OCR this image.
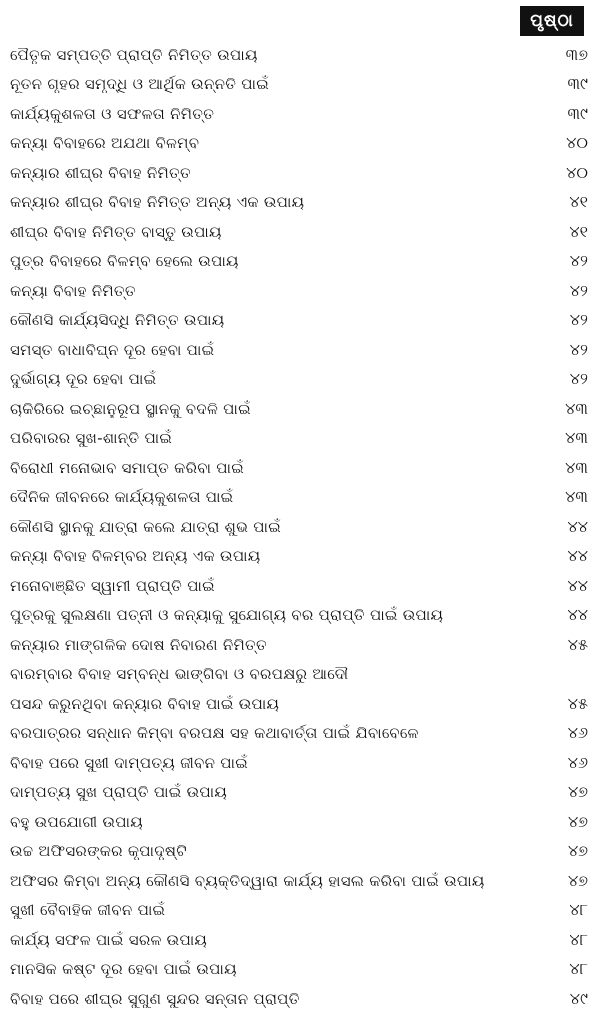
ପୃଷ୍ଠା
ପୈତୃକ ସମ୍ପତ୍ତି ପ୍ରାପ୍ତି ନିମିତ୍ତ ଉପାୟ	୩୭
ନୂତନ ଗୃହର ସମୃଦ୍ଧି ଓ ଆର୍ଥିକ ଉନ୍ନତି ପାଇଁ	୩୯
କାର୍ଯ୍ୟକୁଶଳତା ଓ ସଫଳତା ନିମିତ୍ତ	୩୯
କନ୍ୟା ବିବାହରେ ଅଯଥା ବିଳମ୍ବ	୪୦
କନ୍ୟାର ଶୀଘ୍ର ବିବାହ ନିମିତ୍ତ	୪୦
କନ୍ୟାର ଶୀଘ୍ର ବିବାହ ନିମିତ୍ତ ଅନ୍ୟ ଏକ ଉପାୟ	୪୧
ଶୀଘ୍ର ବିବାହ ନିମିତ୍ତ ବାସ୍ତୁ ଉପାୟ	୪୧
ପୁତ୍ର ବିବାହରେ ବିଳମ୍ବ ହେଲେ ଉପାୟ	୪୨
କନ୍ୟା ବିବାହ ନିମିତ୍ତ	୪୨
କୌଣସି କାର୍ଯ୍ୟସିଦ୍ଧି ନିମିତ୍ତ ଉପାୟ	୪୨
ସମସ୍ତ ବାଧାବିଘ୍ନ ଦୂର ହେବା ପାଇଁ	୪୨
ଦୁର୍ଭାଗ୍ୟ ଦୂର ହେବା ପାଇଁ	୪୨
ଚାକିରିରେ ଇଚ୍ଛାନୁରୂପ ସ୍ଥାନକୁ ବଦଳି ପାଇଁ	୪୩
ପରିବାରର ସୁଖ-ଶାନ୍ତି ପାଇଁ	୪୩
ବିରୋଧୀ ମନୋଭାବ ସମାପ୍ତ କରିବା ପାଇଁ	୪୩
ଦୈନିକ ଜୀବନରେ କାର୍ଯ୍ୟକୁଶଳତା ପାଇଁ	୪୩
କୌଣସି ସ୍ଥାନକୁ ଯାତ୍ରା କଲେ ଯାତ୍ରା ଶୁଭ ପାଇଁ	୪୪
କନ୍ୟା ବିବାହ ବିଳମ୍ବର ଅନ୍ୟ ଏକ ଉପାୟ	୪୪
ମନୋବାଞ୍ଛିତ ସ୍ୱାମୀ ପ୍ରାପ୍ତି ପାଇଁ	୪୪
ପୁତ୍ରକୁ ସୁଲକ୍ଷଣା ପତ୍ନୀ ଓ କନ୍ୟାକୁ ସୁଯୋଗ୍ୟ ବର ପ୍ରାପ୍ତି ପାଇଁ ଉପାୟ	୪୪
କନ୍ୟାର ମାଙ୍ଗଳିକ ଦୋଷ ନିବାରଣ ନିମିତ୍ତ	୪୫
ବାରମ୍ବାର ବିବାହ ସମ୍ବନ୍ଧ ଭାଙ୍ଗିବା ଓ ବରପକ୍ଷରୁ ଆଦୌ
ପସନ୍ଦ କରୁନଥିବା କନ୍ୟାର ବିବାହ ପାଇଁ ଉପାୟ	୪୫
ବରପାତ୍ରର ସନ୍ଧାନ କିମ୍ବା ବରପକ୍ଷ ସହ କଥାବାର୍ତ୍ତା ପାଇଁ ଯିବାବେଳେ	୪୬
ବିବାହ ପରେ ସୁଖୀ ଦାମ୍ପତ୍ୟ ଜୀବନ ପାଇଁ	୪୬
ଦାମ୍ପତ୍ୟ ସୁଖ ପ୍ରାପ୍ତି ପାଇଁ ଉପାୟ	୪୭
ବହୁ ଉପଯୋଗୀ ଉପାୟ	୪୭
ଉଚ୍ଚ ଅଫିସରଙ୍କର କୃପାଦୃଷ୍ଟି	୪୭
ଅଫିସର କିମ୍ବା ଅନ୍ୟ କୌଣସି ବ୍ୟକ୍ତିଦ୍ୱାରା କାର୍ଯ୍ୟ ହାସଲ କରିବା ପାଇଁ ଉପାୟ	୪୭
ସୁଖୀ ବୈବାହିକ ଜୀବନ ପାଇଁ	୪୮
କାର୍ଯ୍ୟ ସଫଳ ପାଇଁ ସରଳ ଉପାୟ	୪୮
ମାନସିକ କଷ୍ଟ ଦୂର ହେବା ପାଇଁ ଉପାୟ	୪୮
ବିବାହ ପରେ ଶୀଘ୍ର ସୁଗୁଣ ସୁନ୍ଦର ସନ୍ତାନ ପ୍ରାପ୍ତି	୪୯
